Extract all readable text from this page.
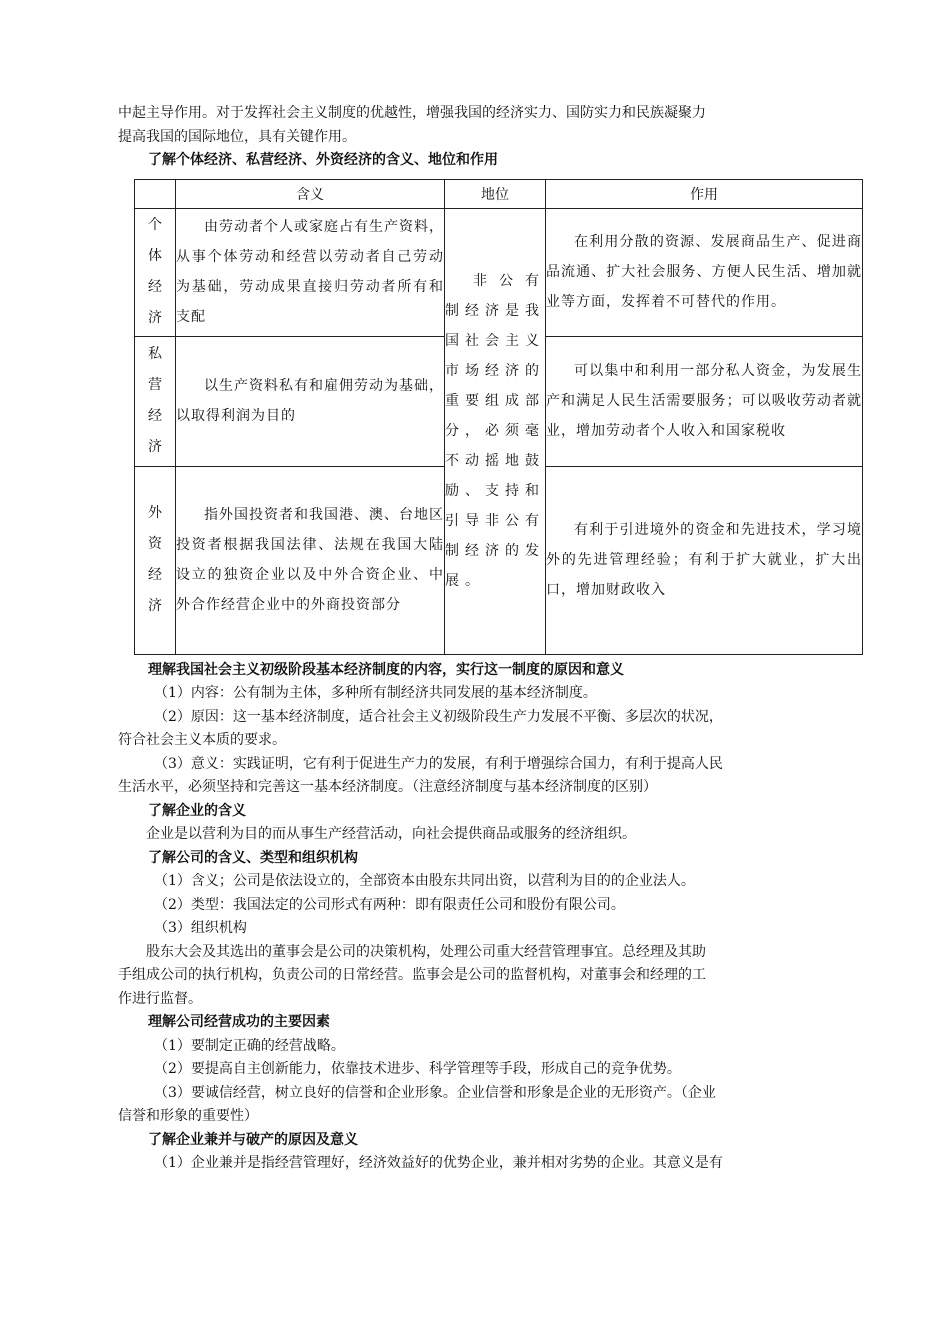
中起主导作用。对于发挥社会主义制度的优越性，增强我国的经济实力、国防实力和民族凝聚力

提高我国的国际地位，具有关键作用。

了解个体经济、私营经济、外资经济的含义、地位和作用

	含义	地位	作用

个体经济	由劳动者个人或家庭占有生产资料，从事个体劳动和经营以劳动者自己劳动为基础，劳动成果直接归劳动者所有和支配	非公有制经济是我国社会主义市场经济的重要组成部分，必须毫不动摇地鼓励、支持和引导非公有制经济的发展。	在利用分散的资源、发展商品生产、促进商品流通、扩大社会服务、方便人民生活、增加就业等方面，发挥着不可替代的作用。

私营经济	以生产资料私有和雇佣劳动为基础，以取得利润为目的		可以集中和利用一部分私人资金，为发展生产和满足人民生活需要服务；可以吸收劳动者就业，增加劳动者个人收入和国家税收

外资经济	指外国投资者和我国港、澳、台地区投资者根据我国法律、法规在我国大陆设立的独资企业以及中外合资企业、中外合作经营企业中的外商投资部分		有利于引进境外的资金和先进技术，学习境外的先进管理经验；有利于扩大就业，扩大出口，增加财政收入

理解我国社会主义初级阶段基本经济制度的内容，实行这一制度的原因和意义

（1）内容：公有制为主体，多种所有制经济共同发展的基本经济制度。

（2）原因：这一基本经济制度，适合社会主义初级阶段生产力发展不平衡、多层次的状况，

符合社会主义本质的要求。

（3）意义：实践证明，它有利于促进生产力的发展，有利于增强综合国力，有利于提高人民

生活水平，必须坚持和完善这一基本经济制度。（注意经济制度与基本经济制度的区别）

了解企业的含义

企业是以营利为目的而从事生产经营活动，向社会提供商品或服务的经济组织。

了解公司的含义、类型和组织机构

（1）含义；公司是依法设立的，全部资本由股东共同出资，以营利为目的的企业法人。

（2）类型：我国法定的公司形式有两种：即有限责任公司和股份有限公司。

（3）组织机构

股东大会及其选出的董事会是公司的决策机构，处理公司重大经营管理事宜。总经理及其助

手组成公司的执行机构，负责公司的日常经营。监事会是公司的监督机构，对董事会和经理的工

作进行监督。

理解公司经营成功的主要因素

（1）要制定正确的经营战略。

（2）要提高自主创新能力，依靠技术进步、科学管理等手段，形成自己的竞争优势。

（3）要诚信经营，树立良好的信誉和企业形象。企业信誉和形象是企业的无形资产。（企业

信誉和形象的重要性）

了解企业兼并与破产的原因及意义

（1）企业兼并是指经营管理好，经济效益好的优势企业，兼并相对劣势的企业。其意义是有
